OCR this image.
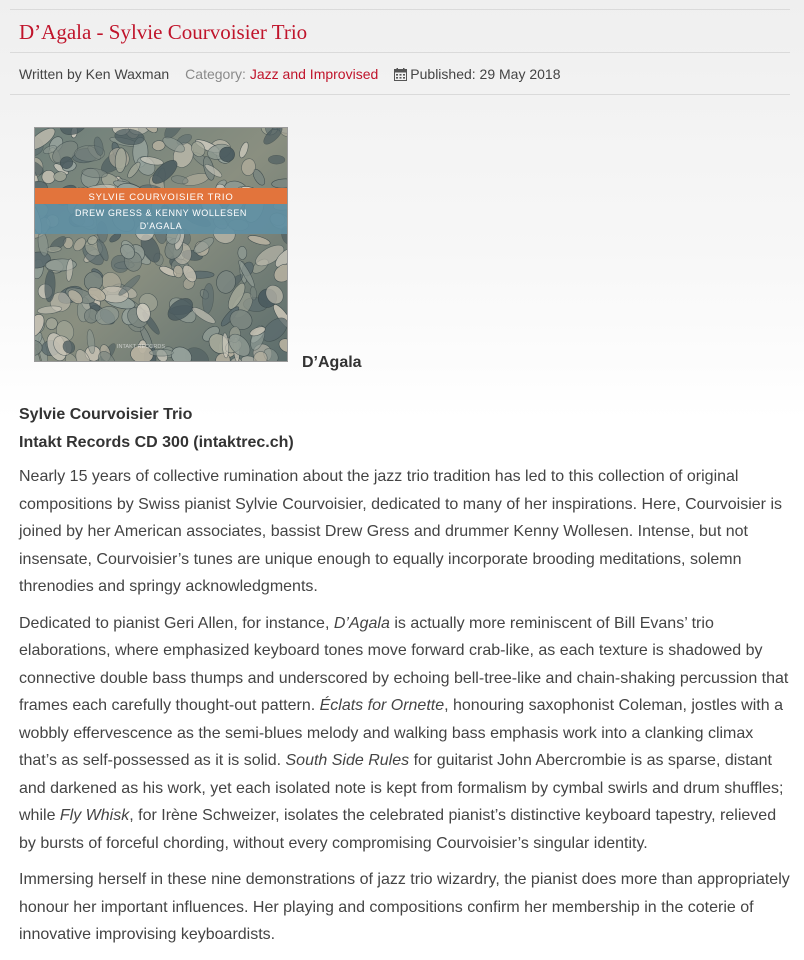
D’Agala - Sylvie Courvoisier Trio
Written by Ken Waxman Category: Jazz and Improvised Published: 29 May 2018
SYLVIE COURVOISIER TRIO
DREW GRESS & KENNY WOLLESEN
D'AGALA
INTAKT RECORDS
D’Agala
Sylvie Courvoisier Trio
Intakt Records CD 300 (intaktrec.ch)

Nearly 15 years of collective rumination about the jazz trio tradition has led to this collection of original compositions by Swiss pianist Sylvie Courvoisier, dedicated to many of her inspirations. Here, Courvoisier is joined by her American associates, bassist Drew Gress and drummer Kenny Wollesen. Intense, but not insensate, Courvoisier’s tunes are unique enough to equally incorporate brooding meditations, solemn threnodies and springy acknowledgments.

Dedicated to pianist Geri Allen, for instance, D’Agala is actually more reminiscent of Bill Evans’ trio elaborations, where emphasized keyboard tones move forward crab-like, as each texture is shadowed by connective double bass thumps and underscored by echoing bell-tree-like and chain-shaking percussion that frames each carefully thought-out pattern. Éclats for Ornette, honouring saxophonist Coleman, jostles with a wobbly effervescence as the semi-blues melody and walking bass emphasis work into a clanking climax that’s as self-possessed as it is solid. South Side Rules for guitarist John Abercrombie is as sparse, distant and darkened as his work, yet each isolated note is kept from formalism by cymbal swirls and drum shuffles; while Fly Whisk, for Irène Schweizer, isolates the celebrated pianist’s distinctive keyboard tapestry, relieved by bursts of forceful chording, without every compromising Courvoisier’s singular identity.

Immersing herself in these nine demonstrations of jazz trio wizardry, the pianist does more than appropriately honour her important influences. Her playing and compositions confirm her membership in the coterie of innovative improvising keyboardists.
